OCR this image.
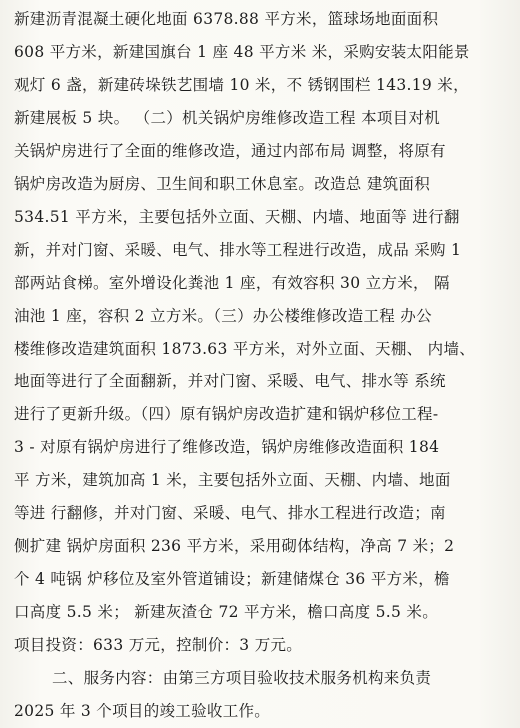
新建沥青混凝土硬化地面 6378.88 平方米，篮球场地面面积
608 平方米，新建国旗台 1 座 48 平方米 米，采购安装太阳能景
观灯 6 盏，新建砖垛铁艺围墙 10 米，不 锈钢围栏 143.19 米，
新建展板 5 块。 （二）机关锅炉房维修改造工程 本项目对机
关锅炉房进行了全面的维修改造，通过内部布局 调整，将原有
锅炉房改造为厨房、卫生间和职工休息室。改造总 建筑面积
534.51 平方米，主要包括外立面、天棚、内墙、地面等 进行翻
新，并对门窗、采暖、电气、排水等工程进行改造，成品 采购 1
部两站食梯。室外增设化粪池 1 座，有效容积 30 立方米， 隔
油池 1 座，容积 2 立方米。（三）办公楼维修改造工程 办公
楼维修改造建筑面积 1873.63 平方米，对外立面、天棚、 内墙、
地面等进行了全面翻新，并对门窗、采暖、电气、排水等 系统
进行了更新升级。（四）原有锅炉房改造扩建和锅炉移位工程-
3 - 对原有锅炉房进行了维修改造，锅炉房维修改造面积 184
平 方米，建筑加高 1 米，主要包括外立面、天棚、内墙、地面
等进 行翻修，并对门窗、采暖、电气、排水工程进行改造；南
侧扩建 锅炉房面积 236 平方米，采用砌体结构，净高 7 米；2
个 4 吨锅 炉移位及室外管道铺设；新建储煤仓 36 平方米，檐
口高度 5.5 米； 新建灰渣仓 72 平方米，檐口高度 5.5 米。
项目投资：633 万元，控制价：3 万元。
二、服务内容：由第三方项目验收技术服务机构来负责
2025 年 3 个项目的竣工验收工作。
